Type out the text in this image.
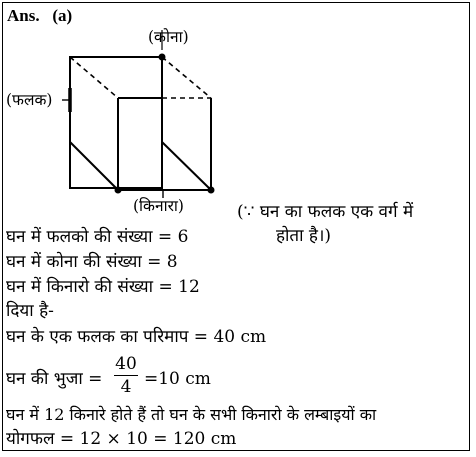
Ans. (a)
(कोना)
(फलक)
(किनारा)	(∵ घन का फलक एक वर्ग में
होता है।)
घन में फलको की संख्या = 6
घन में कोना की संख्या = 8
घन में किनारो की संख्या = 12
दिया है-
घन के एक फलक का परिमाप = 40 cm
घन की भुजा =
40
4 =10 cm
घन में 12 किनारे होते हैं तो घन के सभी किनारो के लम्बाइयों का
योगफल = 12 × 10 = 120 cm
